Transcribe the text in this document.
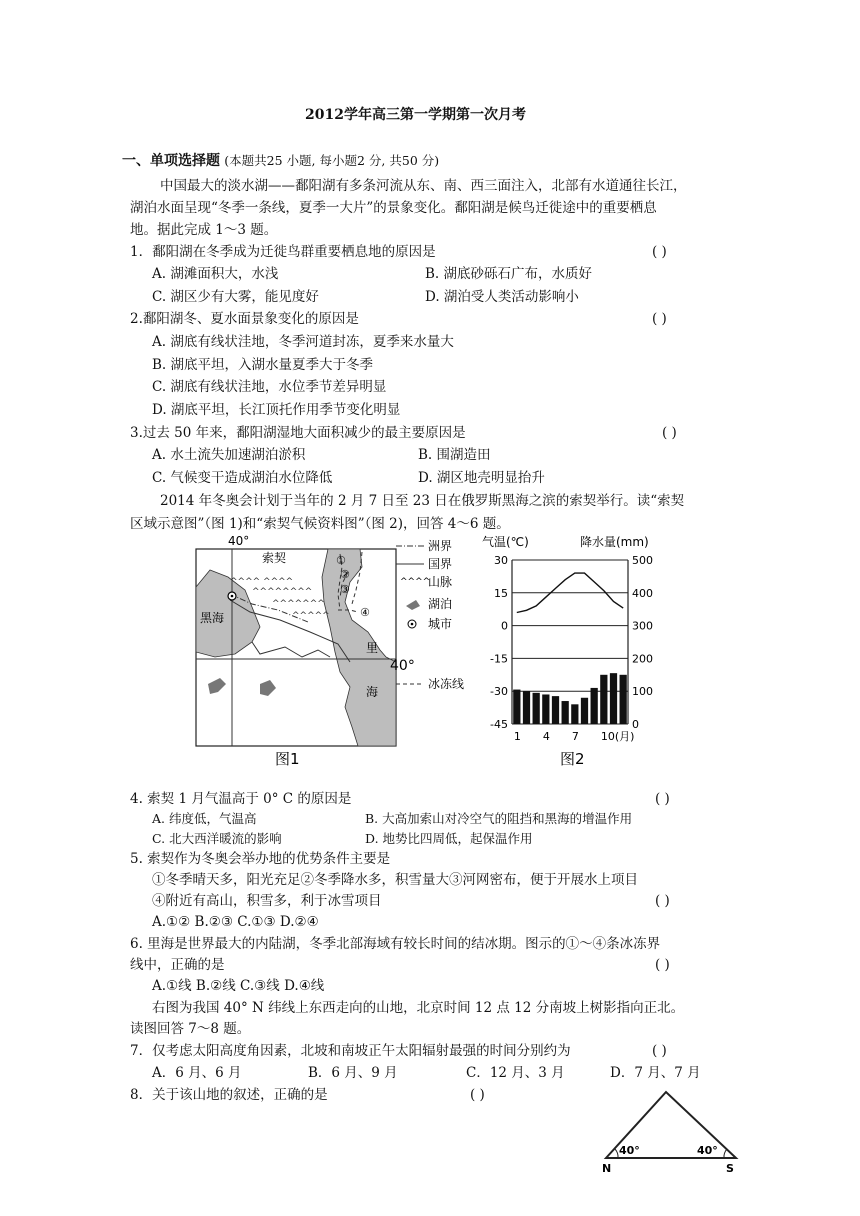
2012学年高三第一学期第一次月考
一、单项选择题 (本题共25 小题, 每小题2 分, 共50 分)
中国最大的淡水湖——鄱阳湖有多条河流从东、南、西三面注入，北部有水道通往长江，
湖泊水面呈现“冬季一条线，夏季一大片”的景象变化。鄱阳湖是候鸟迁徙途中的重要栖息
地。据此完成 1～3 题。
1．鄱阳湖在冬季成为迁徙鸟群重要栖息地的原因是	( )
A. 湖滩面积大，水浅	B. 湖底砂砾石广布，水质好
C. 湖区少有大雾，能见度好	D. 湖泊受人类活动影响小
2.鄱阳湖冬、夏水面景象变化的原因是	( )
A. 湖底有线状洼地，冬季河道封冻，夏季来水量大
B. 湖底平坦，入湖水量夏季大于冬季
C. 湖底有线状洼地，水位季节差异明显
D. 湖底平坦，长江顶托作用季节变化明显
3.过去 50 年来，鄱阳湖湿地大面积减少的最主要原因是	( )
A. 水土流失加速湖泊淤积	B. 围湖造田
C. 气候变干造成湖泊水位降低	D. 湖区地壳明显抬升
2014 年冬奥会计划于当年的 2 月 7 日至 23 日在俄罗斯黑海之滨的索契举行。读“索契
区域示意图”（图 1)和“索契气候资料图”（图 2)，回答 4～6 题。
40°
^^^^ ^^^^
^^^^^^^^
^^^^^^^
^^^^^
索契
黑海
①
②
③
④
里
40°
海
洲界
国界
^^^^
山脉
湖泊
城市
冰冻线
图1
气温(℃)	降水量(mm)
30	500
15	400
0	300
-15	200
-30	100
-45	0
1 4 7 10(月)
图2
4. 索契 1 月气温高于 0° C 的原因是	( )
A. 纬度低，气温高	B. 大高加索山对冷空气的阻挡和黑海的增温作用
C. 北大西洋暖流的影响	D. 地势比四周低，起保温作用
5. 索契作为冬奥会举办地的优势条件主要是
①冬季晴天多，阳光充足②冬季降水多，积雪量大③河网密布，便于开展水上项目
④附近有高山，积雪多，利于冰雪项目	( )
A.①② B.②③ C.①③ D.②④
6. 里海是世界最大的内陆湖，冬季北部海域有较长时间的结冰期。图示的①～④条冰冻界
线中，正确的是	( )
A.①线 B.②线 C.③线 D.④线
右图为我国 40° N 纬线上东西走向的山地，北京时间 12 点 12 分南坡上树影指向正北。
读图回答 7～8 题。
7．仅考虑太阳高度角因素，北坡和南坡正午太阳辐射最强的时间分别约为	( )
A．6 月、6 月	B．6 月、9 月	C．12 月、3 月	D．7 月、7 月
8．关于该山地的叙述，正确的是	( )
40°	40°
N	S
